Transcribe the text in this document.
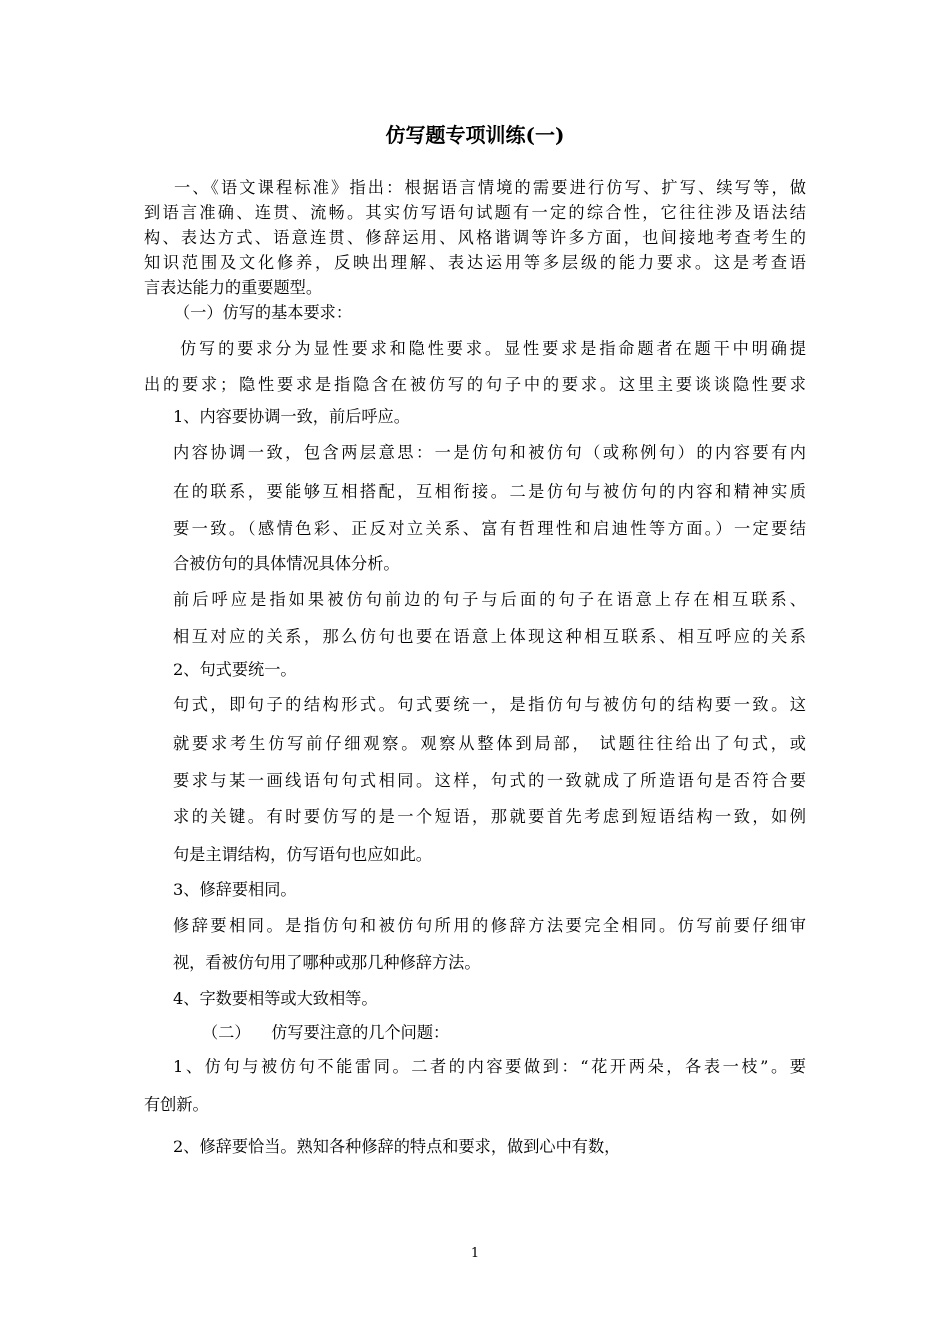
仿写题专项训练(一)
一、《语文课程标准》指出：根据语言情境的需要进行仿写、扩写、续写等，做
到语言准确、连贯、流畅。其实仿写语句试题有一定的综合性，它往往涉及语法结
构、表达方式、语意连贯、修辞运用、风格谐调等许多方面，也间接地考查考生的
知识范围及文化修养，反映出理解、表达运用等多层级的能力要求。这是考查语
言表达能力的重要题型。
（一）仿写的基本要求：
仿写的要求分为显性要求和隐性要求。显性要求是指命题者在题干中明确提
出的要求；隐性要求是指隐含在被仿写的句子中的要求。这里主要谈谈隐性要求
1、内容要协调一致，前后呼应。
内容协调一致，包含两层意思：一是仿句和被仿句（或称例句）的内容要有内
在的联系，要能够互相搭配，互相衔接。二是仿句与被仿句的内容和精神实质
要一致。（感情色彩、正反对立关系、富有哲理性和启迪性等方面。）一定要结
合被仿句的具体情况具体分析。
前后呼应是指如果被仿句前边的句子与后面的句子在语意上存在相互联系、
相互对应的关系，那么仿句也要在语意上体现这种相互联系、相互呼应的关系
2、句式要统一。
句式，即句子的结构形式。句式要统一，是指仿句与被仿句的结构要一致。这
就要求考生仿写前仔细观察。观察从整体到局部， 试题往往给出了句式，或
要求与某一画线语句句式相同。这样，句式的一致就成了所造语句是否符合要
求的关键。有时要仿写的是一个短语，那就要首先考虑到短语结构一致，如例
句是主谓结构，仿写语句也应如此。
3、修辞要相同。
修辞要相同。是指仿句和被仿句所用的修辞方法要完全相同。仿写前要仔细审
视，看被仿句用了哪种或那几种修辞方法。
4、字数要相等或大致相等。
（二）    仿写要注意的几个问题：
1、仿句与被仿句不能雷同。二者的内容要做到：“花开两朵，各表一枝”。要
有创新。
2、修辞要恰当。熟知各种修辞的特点和要求，做到心中有数，
1
